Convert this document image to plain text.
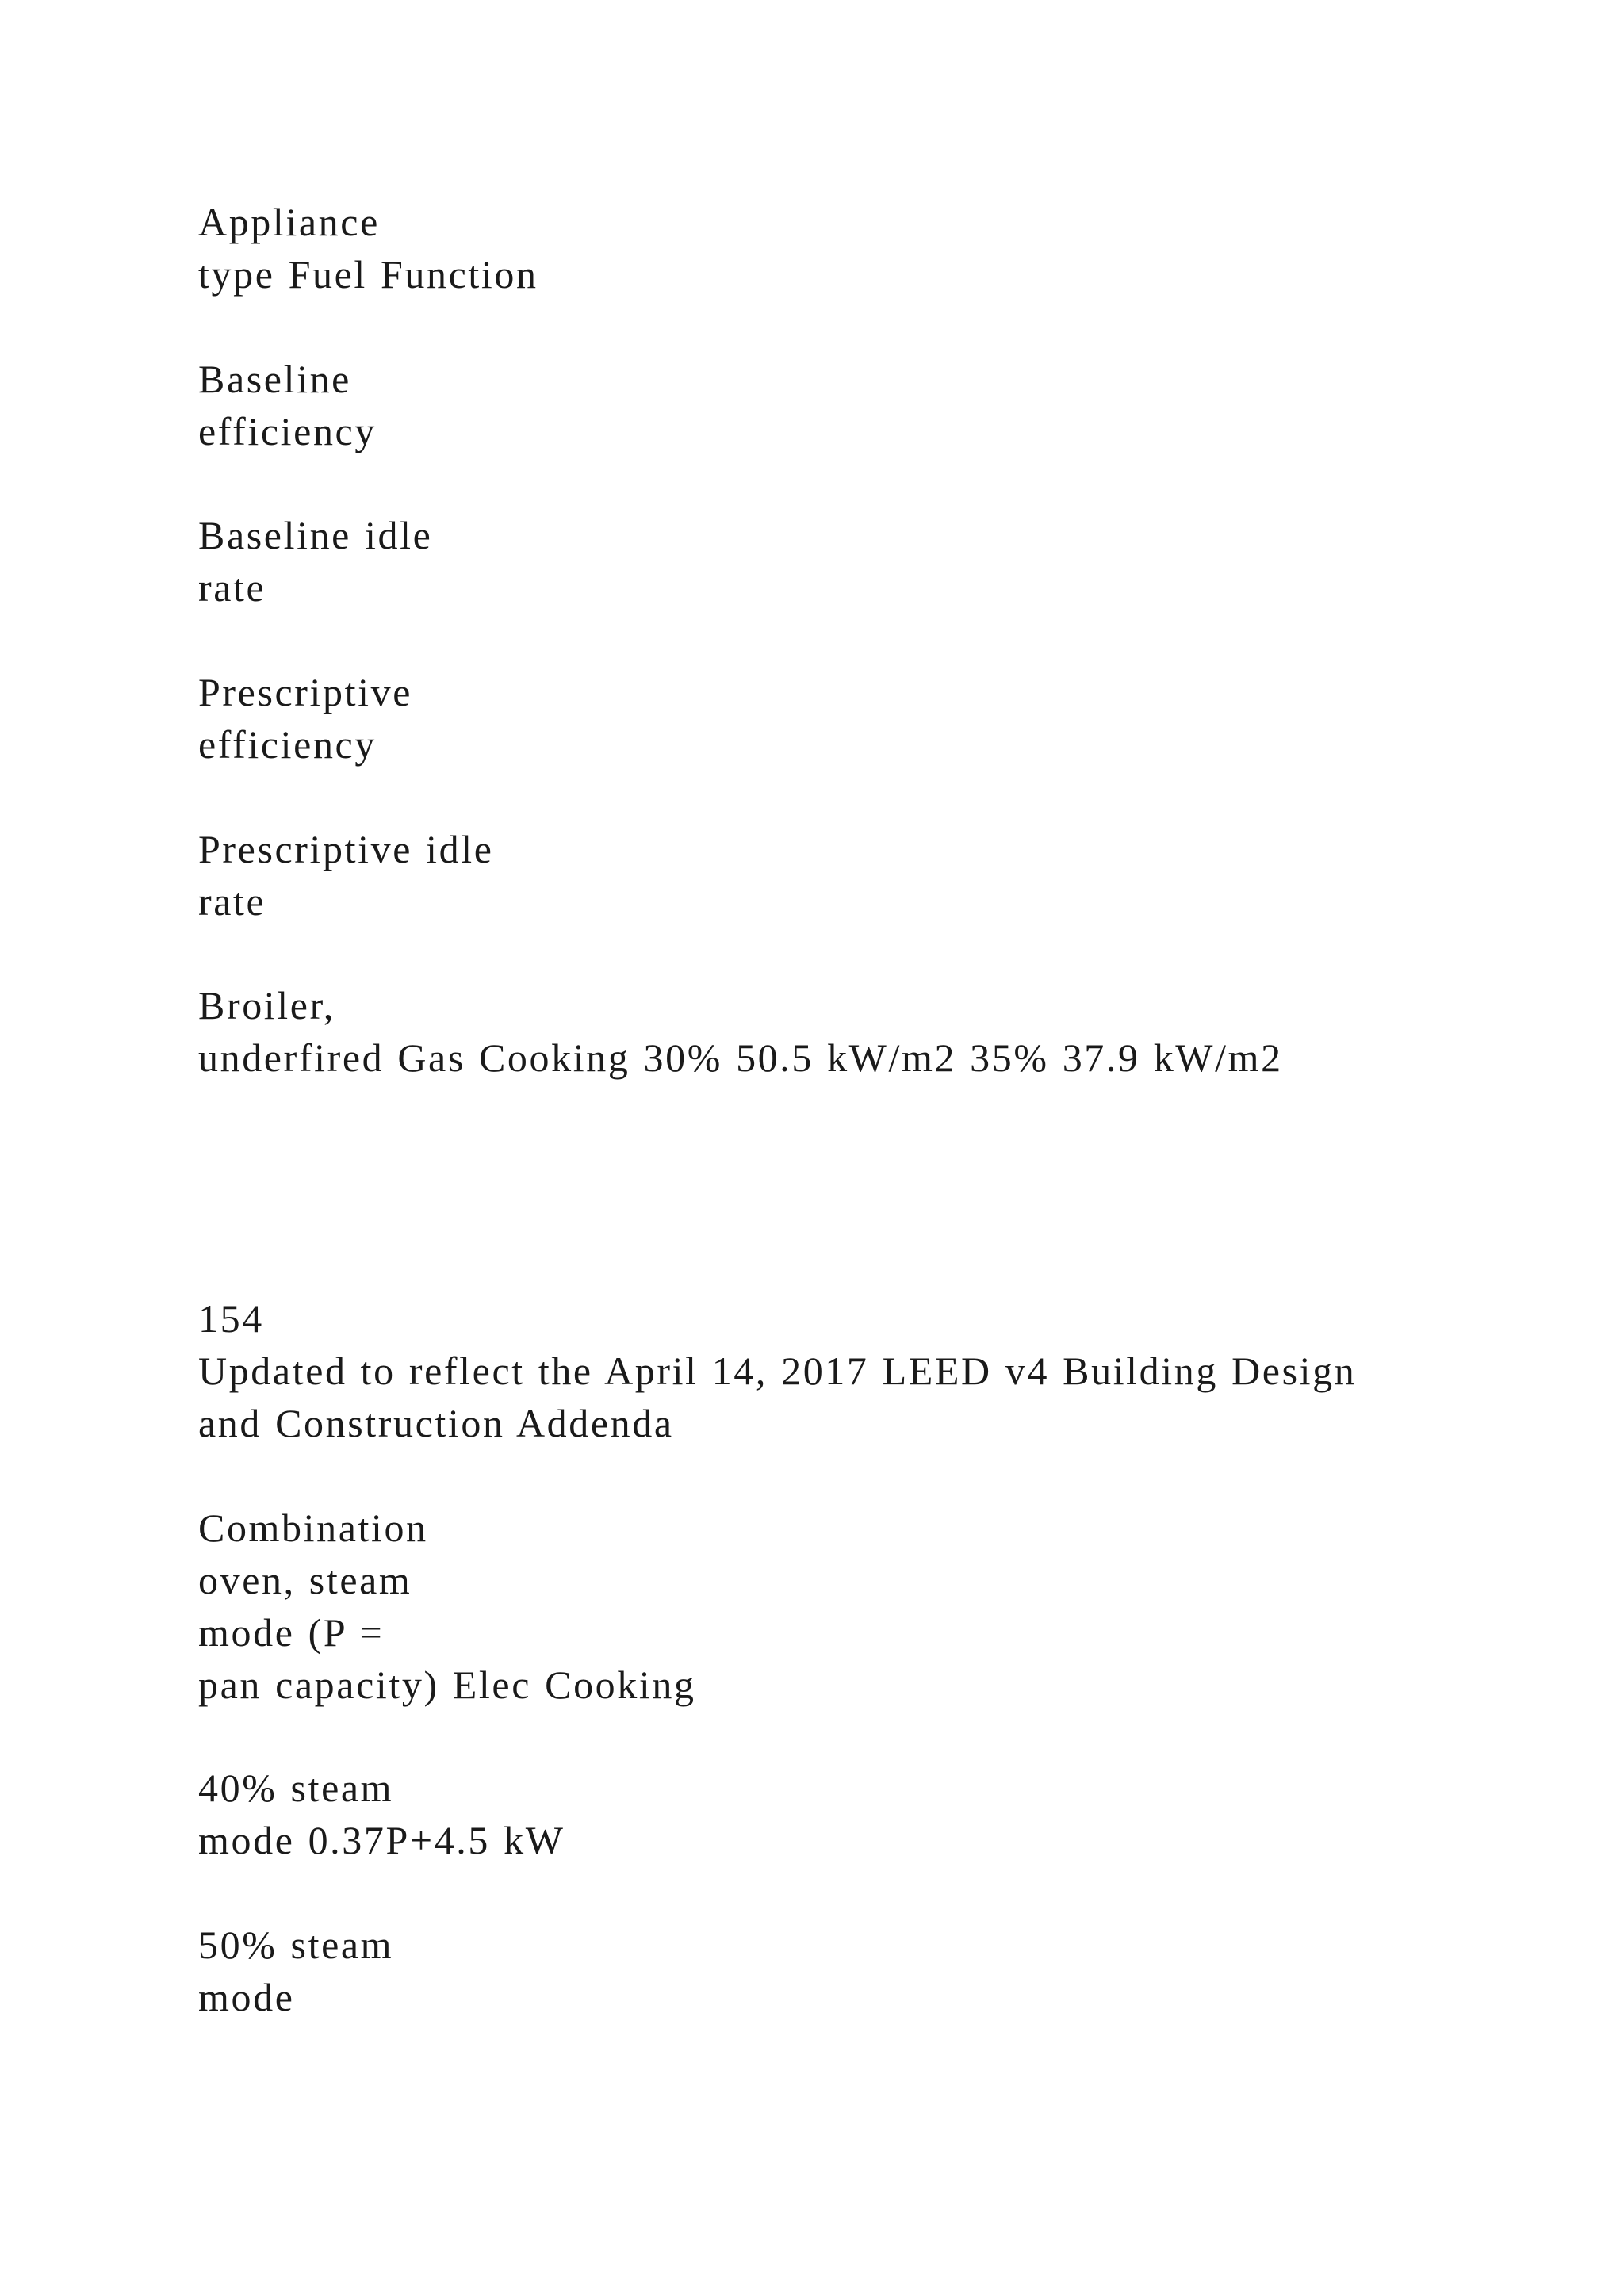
Appliance
type Fuel Function

Baseline
efficiency

Baseline idle
rate

Prescriptive
efficiency

Prescriptive idle
rate

Broiler,
underfired Gas Cooking 30% 50.5 kW/m2 35% 37.9 kW/m2

154
Updated to reflect the April 14, 2017 LEED v4 Building Design
and Construction Addenda

Combination
oven, steam
mode (P =
pan capacity) Elec Cooking

40% steam
mode 0.37P+4.5 kW

50% steam
mode
